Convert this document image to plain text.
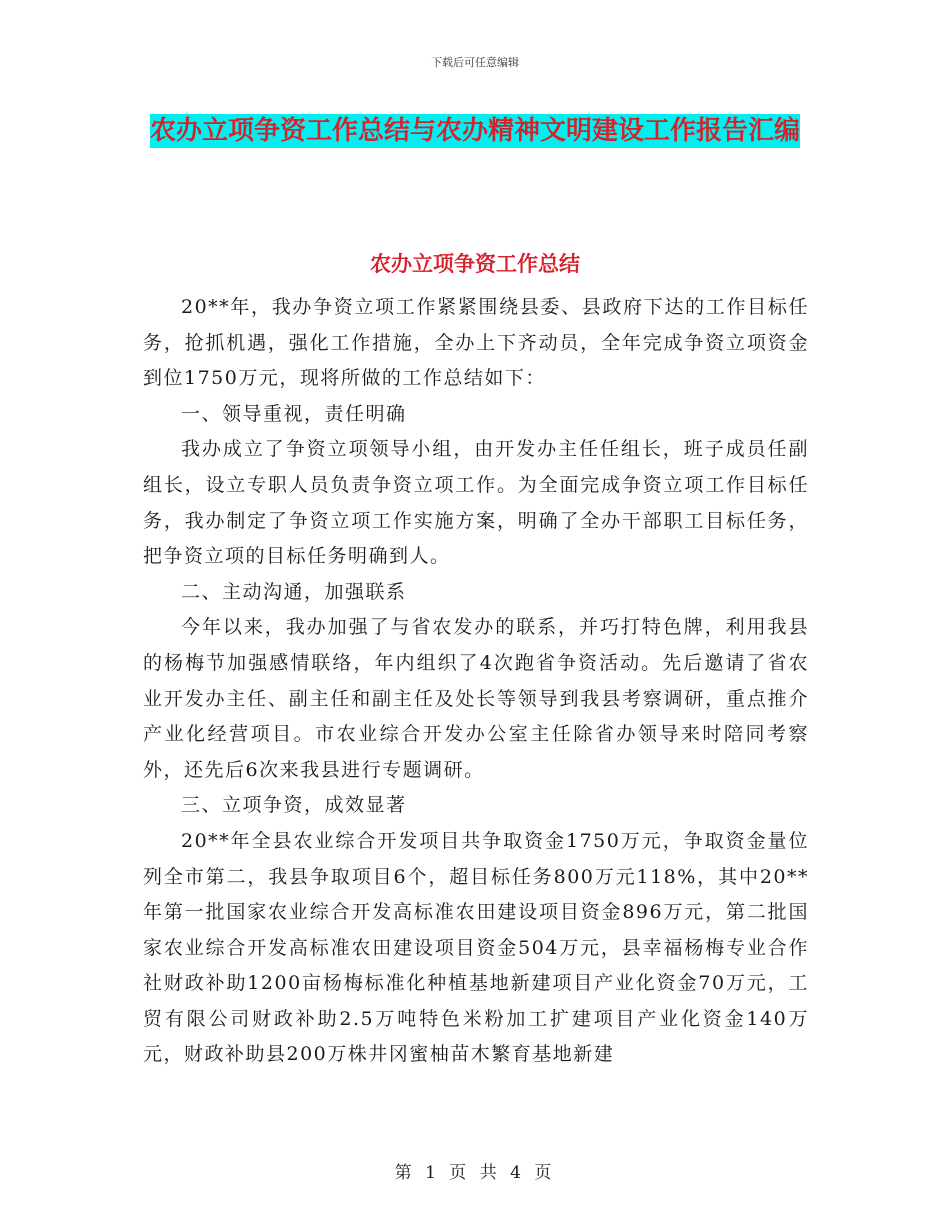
下载后可任意编辑
农办立项争资工作总结与农办精神文明建设工作报告汇编
农办立项争资工作总结

20**年，我办争资立项工作紧紧围绕县委、县政府下达的工作目标任务，抢抓机遇，强化工作措施，全办上下齐动员，全年完成争资立项资金到位1750万元，现将所做的工作总结如下：

一、领导重视，责任明确

我办成立了争资立项领导小组，由开发办主任任组长，班子成员任副组长，设立专职人员负责争资立项工作。为全面完成争资立项工作目标任务，我办制定了争资立项工作实施方案，明确了全办干部职工目标任务，把争资立项的目标任务明确到人。

二、主动沟通，加强联系

今年以来，我办加强了与省农发办的联系，并巧打特色牌，利用我县的杨梅节加强感情联络，年内组织了4次跑省争资活动。先后邀请了省农业开发办主任、副主任和副主任及处长等领导到我县考察调研，重点推介产业化经营项目。市农业综合开发办公室主任除省办领导来时陪同考察外，还先后6次来我县进行专题调研。

三、立项争资，成效显著

20**年全县农业综合开发项目共争取资金1750万元，争取资金量位列全市第二，我县争取项目6个，超目标任务800万元118%，其中20**年第一批国家农业综合开发高标准农田建设项目资金896万元，第二批国家农业综合开发高标准农田建设项目资金504万元，县幸福杨梅专业合作社财政补助1200亩杨梅标准化种植基地新建项目产业化资金70万元，工贸有限公司财政补助2.5万吨特色米粉加工扩建项目产业化资金140万元，财政补助县200万株井冈蜜柚苗木繁育基地新建

第 1 页 共 4 页
